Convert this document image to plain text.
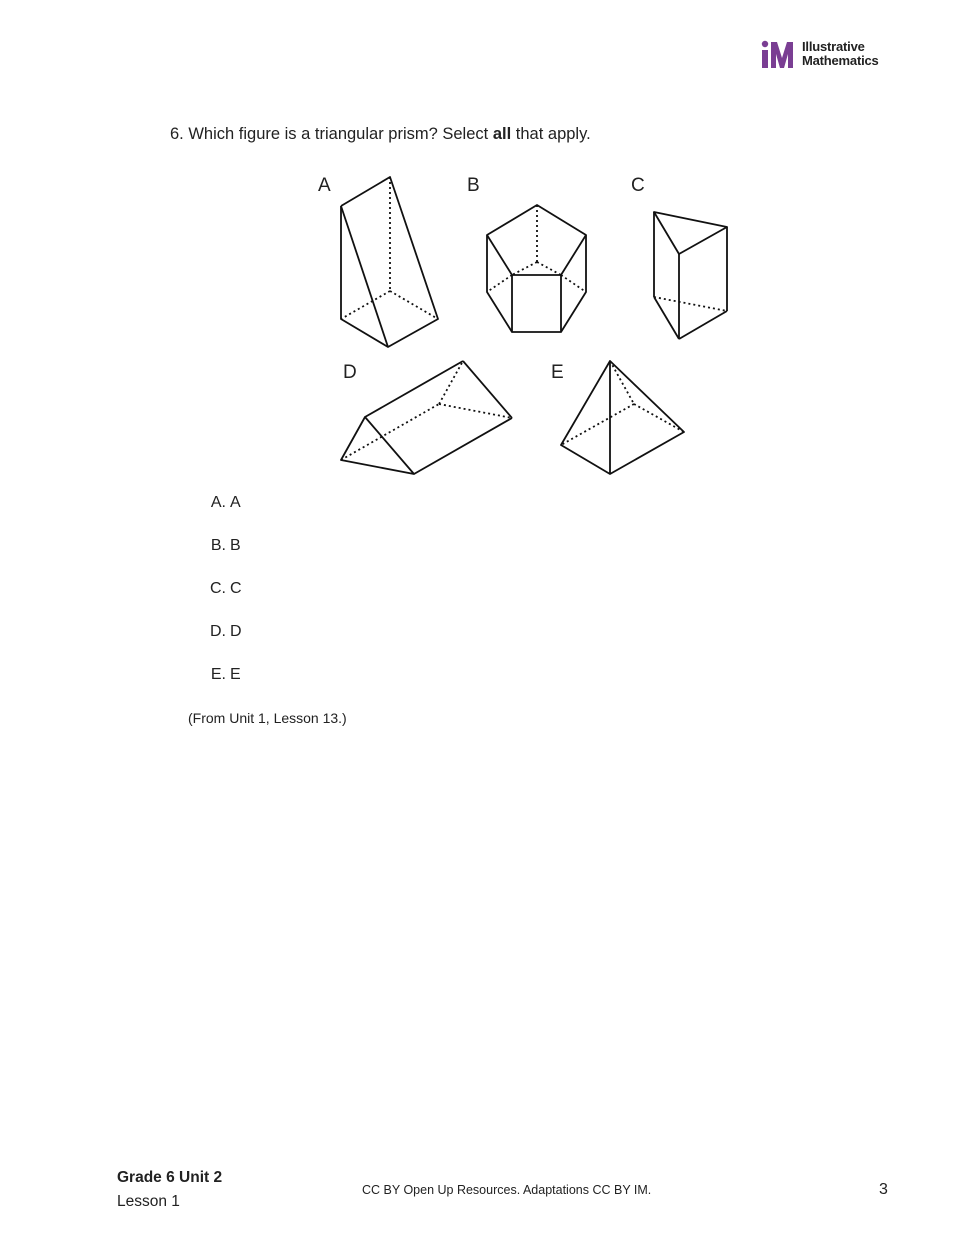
Illustrative
Mathematics
6. Which figure is a triangular prism? Select all that apply.
A	B	C
D	E
A. A
B. B
C. C
D. D
E. E
(From Unit 1, Lesson 13.)
Grade 6 Unit 2
Lesson 1
CC BY Open Up Resources. Adaptations CC BY IM.	3
